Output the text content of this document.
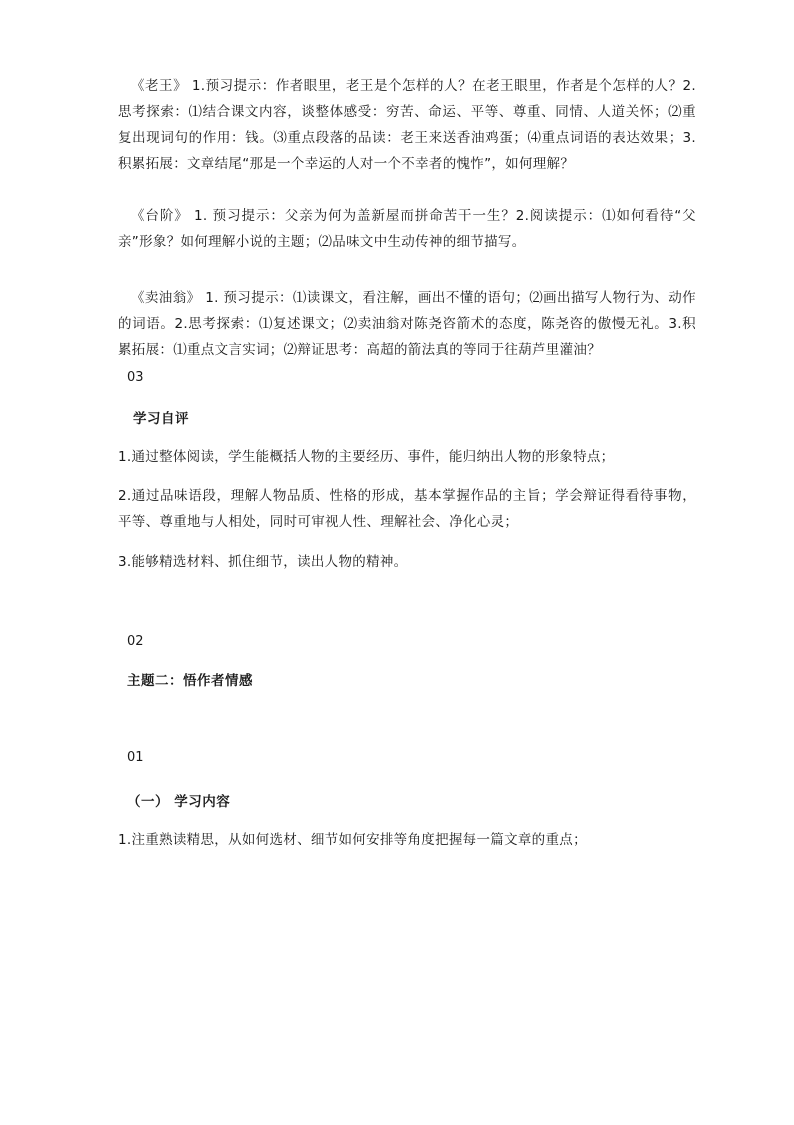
《老王》 1.预习提示：作者眼里，老王是个怎样的人？在老王眼里，作者是个怎样的人？2.思考探索：⑴结合课文内容，谈整体感受：穷苦、命运、平等、尊重、同情、人道关怀；⑵重复出现词句的作用：钱。⑶重点段落的品读：老王来送香油鸡蛋；⑷重点词语的表达效果；3.积累拓展：文章结尾“那是一个幸运的人对一个不幸者的愧怍”，如何理解？

《台阶》 1. 预习提示：父亲为何为盖新屋而拼命苦干一生？2.阅读提示：⑴如何看待“父亲”形象？如何理解小说的主题；⑵品味文中生动传神的细节描写。

《卖油翁》 1. 预习提示：⑴读课文，看注解，画出不懂的语句；⑵画出描写人物行为、动作的词语。2.思考探索：⑴复述课文；⑵卖油翁对陈尧咨箭术的态度，陈尧咨的傲慢无礼。3.积累拓展：⑴重点文言实词；⑵辩证思考：高超的箭法真的等同于往葫芦里灌油？

03

学习自评

1.通过整体阅读，学生能概括人物的主要经历、事件，能归纳出人物的形象特点；

2.通过品味语段，理解人物品质、性格的形成，基本掌握作品的主旨；学会辩证得看待事物，平等、尊重地与人相处，同时可审视人性、理解社会、净化心灵；

3.能够精选材料、抓住细节，读出人物的精神。

02

主题二：悟作者情感

01

（一） 学习内容

1.注重熟读精思，从如何选材、细节如何安排等角度把握每一篇文章的重点；
